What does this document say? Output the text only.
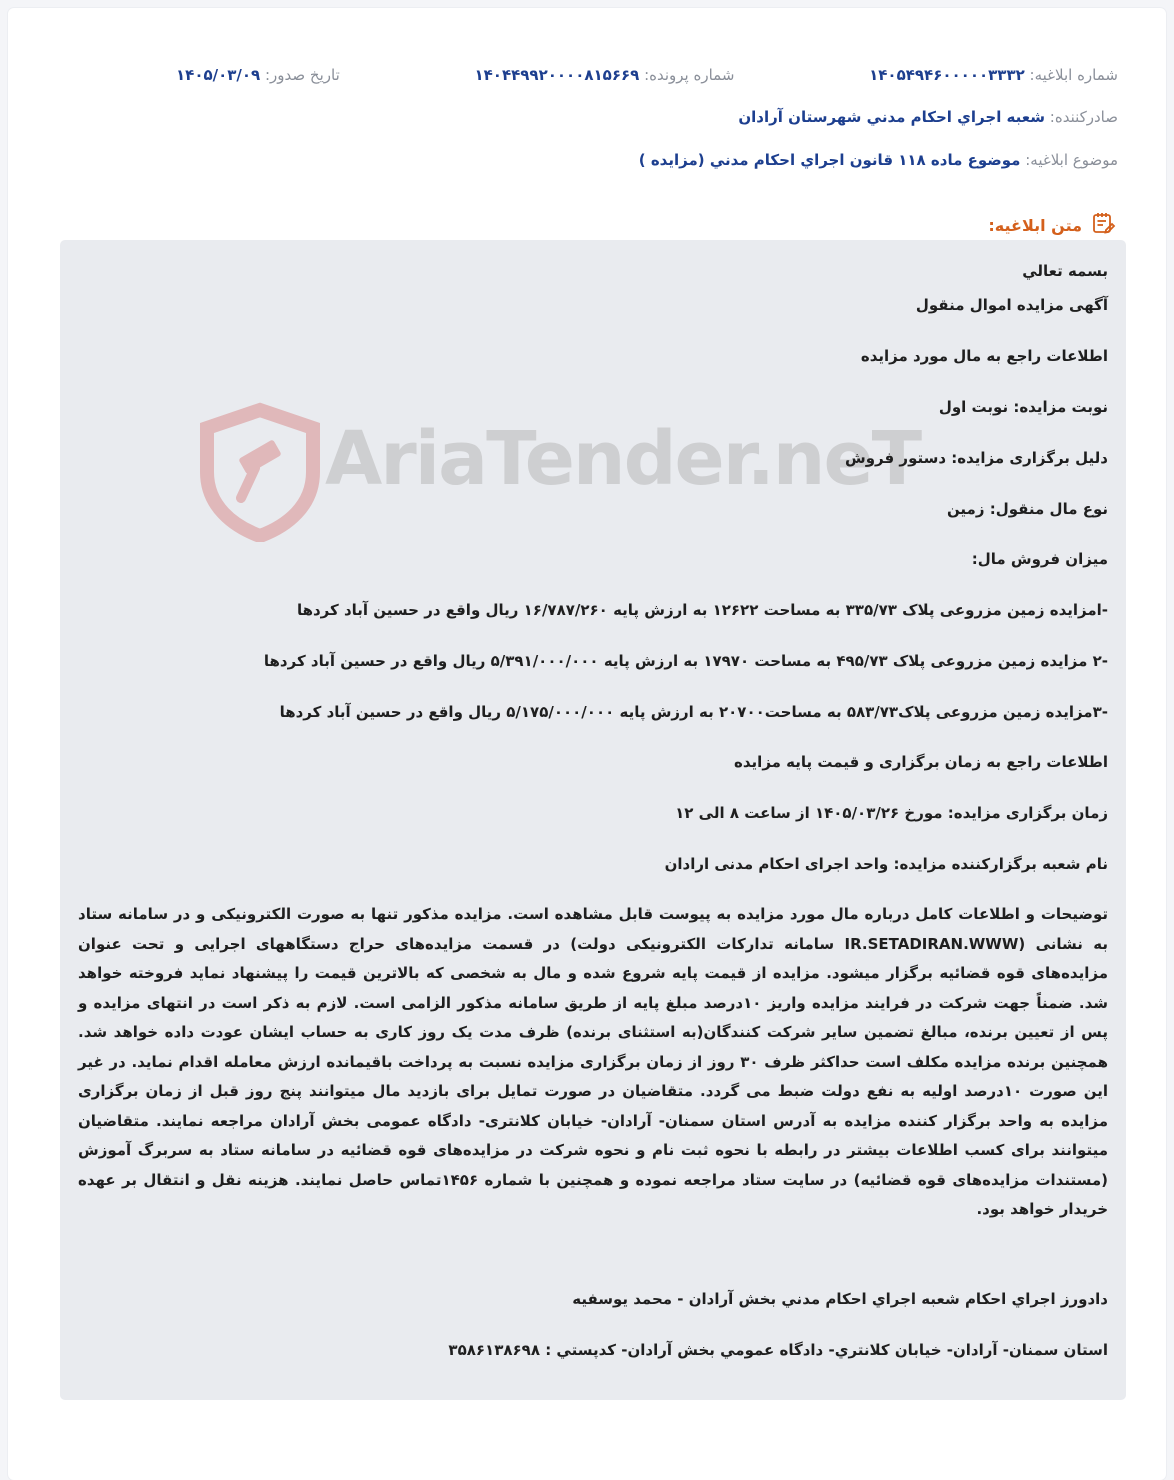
شماره ابلاغیه: ۱۴۰۵۴۹۴۶۰۰۰۰۰۳۳۳۲
شماره پرونده: ۱۴۰۴۴۹۹۲۰۰۰۰۸۱۵۶۶۹
تاریخ صدور: ۱۴۰۵/۰۳/۰۹
صادرکننده: شعبه اجراي احكام مدني شهرستان آرادان
موضوع ابلاغیه: موضوع ماده ۱۱۸ قانون اجراي احكام مدني (مزايده )
متن ابلاغیه:
AriaTender.neT
بسمه تعالي
آگهی مزایده اموال منقول
اطلاعات راجع به مال مورد مزایده
نوبت مزایده: نوبت اول
دلیل برگزاری مزایده: دستور فروش
نوع مال منقول: زمین
میزان فروش مال:
-امزایده زمین مزروعی پلاک ۳۳۵/۷۳ به مساحت ۱۲۶۲۲ به ارزش پایه ۱۶/۷۸۷/۲۶۰ ریال واقع در حسین آباد کردها
-۲ مزایده زمین مزروعی پلاک ۴۹۵/۷۳ به مساحت ۱۷۹۷۰ به ارزش پایه ۵/۳۹۱/۰۰۰/۰۰۰ ریال واقع در حسین آباد کردها
-۳مزایده زمین مزروعی پلاک۵۸۳/۷۳ به مساحت۲۰۷۰۰ به ارزش پایه ۵/۱۷۵/۰۰۰/۰۰۰ ریال واقع در حسین آباد کردها
اطلاعات راجع به زمان برگزاری و قیمت پایه مزایده
زمان برگزاری مزایده: مورخ ۱۴۰۵/۰۳/۲۶ از ساعت ۸ الی ۱۲
نام شعبه برگزارکننده مزایده: واحد اجرای احکام مدنی ارادان
توضیحات و اطلاعات کامل درباره مال مورد مزایده به پیوست قابل مشاهده است. مزایده مذکور تنها به صورت الکترونیکی و در سامانه ستاد به نشانی (IR.SETADIRAN.WWW سامانه تدارکات الکترونیکی دولت) در قسمت مزایده‌های حراج دستگاههای اجرایی و تحت عنوان مزایده‌های قوه قضائیه برگزار میشود. مزایده از قیمت پایه شروع شده و مال به شخصی که بالاترین قیمت را پیشنهاد نماید فروخته خواهد شد. ضمناً جهت شرکت در فرایند مزایده واریز ۱۰درصد مبلغ پایه از طریق سامانه مذکور الزامی است. لازم به ذکر است در انتهای مزایده و پس از تعیین برنده، مبالغ تضمین سایر شرکت کنندگان(به استثنای برنده) ظرف مدت یک روز کاری به حساب ایشان عودت داده خواهد شد. همچنین برنده مزایده مکلف است حداکثر ظرف ۳۰ روز از زمان برگزاری مزایده نسبت به پرداخت باقیمانده ارزش معامله اقدام نماید. در غیر این صورت ۱۰درصد اولیه به نفع دولت ضبط می گردد. متقاضیان در صورت تمایل برای بازدید مال میتوانند پنج روز قبل از زمان برگزاری مزایده به واحد برگزار کننده مزایده به آدرس استان سمنان- آرادان- خیابان کلانتری- دادگاه عمومی بخش آرادان مراجعه نمایند. متقاضیان میتوانند برای کسب اطلاعات بیشتر در رابطه با نحوه ثبت نام و نحوه شرکت در مزایده‌های قوه قضائیه در سامانه ستاد به سربرگ آموزش (مستندات مزایده‌های قوه قضائیه) در سایت ستاد مراجعه نموده و همچنین با شماره ۱۴۵۶تماس حاصل نمایند. هزینه نقل و انتقال بر عهده خریدار خواهد بود.
دادورز اجراي احكام شعبه اجراي احكام مدني بخش آرادان - محمد يوسفيه
استان سمنان- آرادان- خيابان كلانتري- دادگاه عمومي بخش آرادان- كدپستي : ۳۵۸۶۱۳۸۶۹۸
